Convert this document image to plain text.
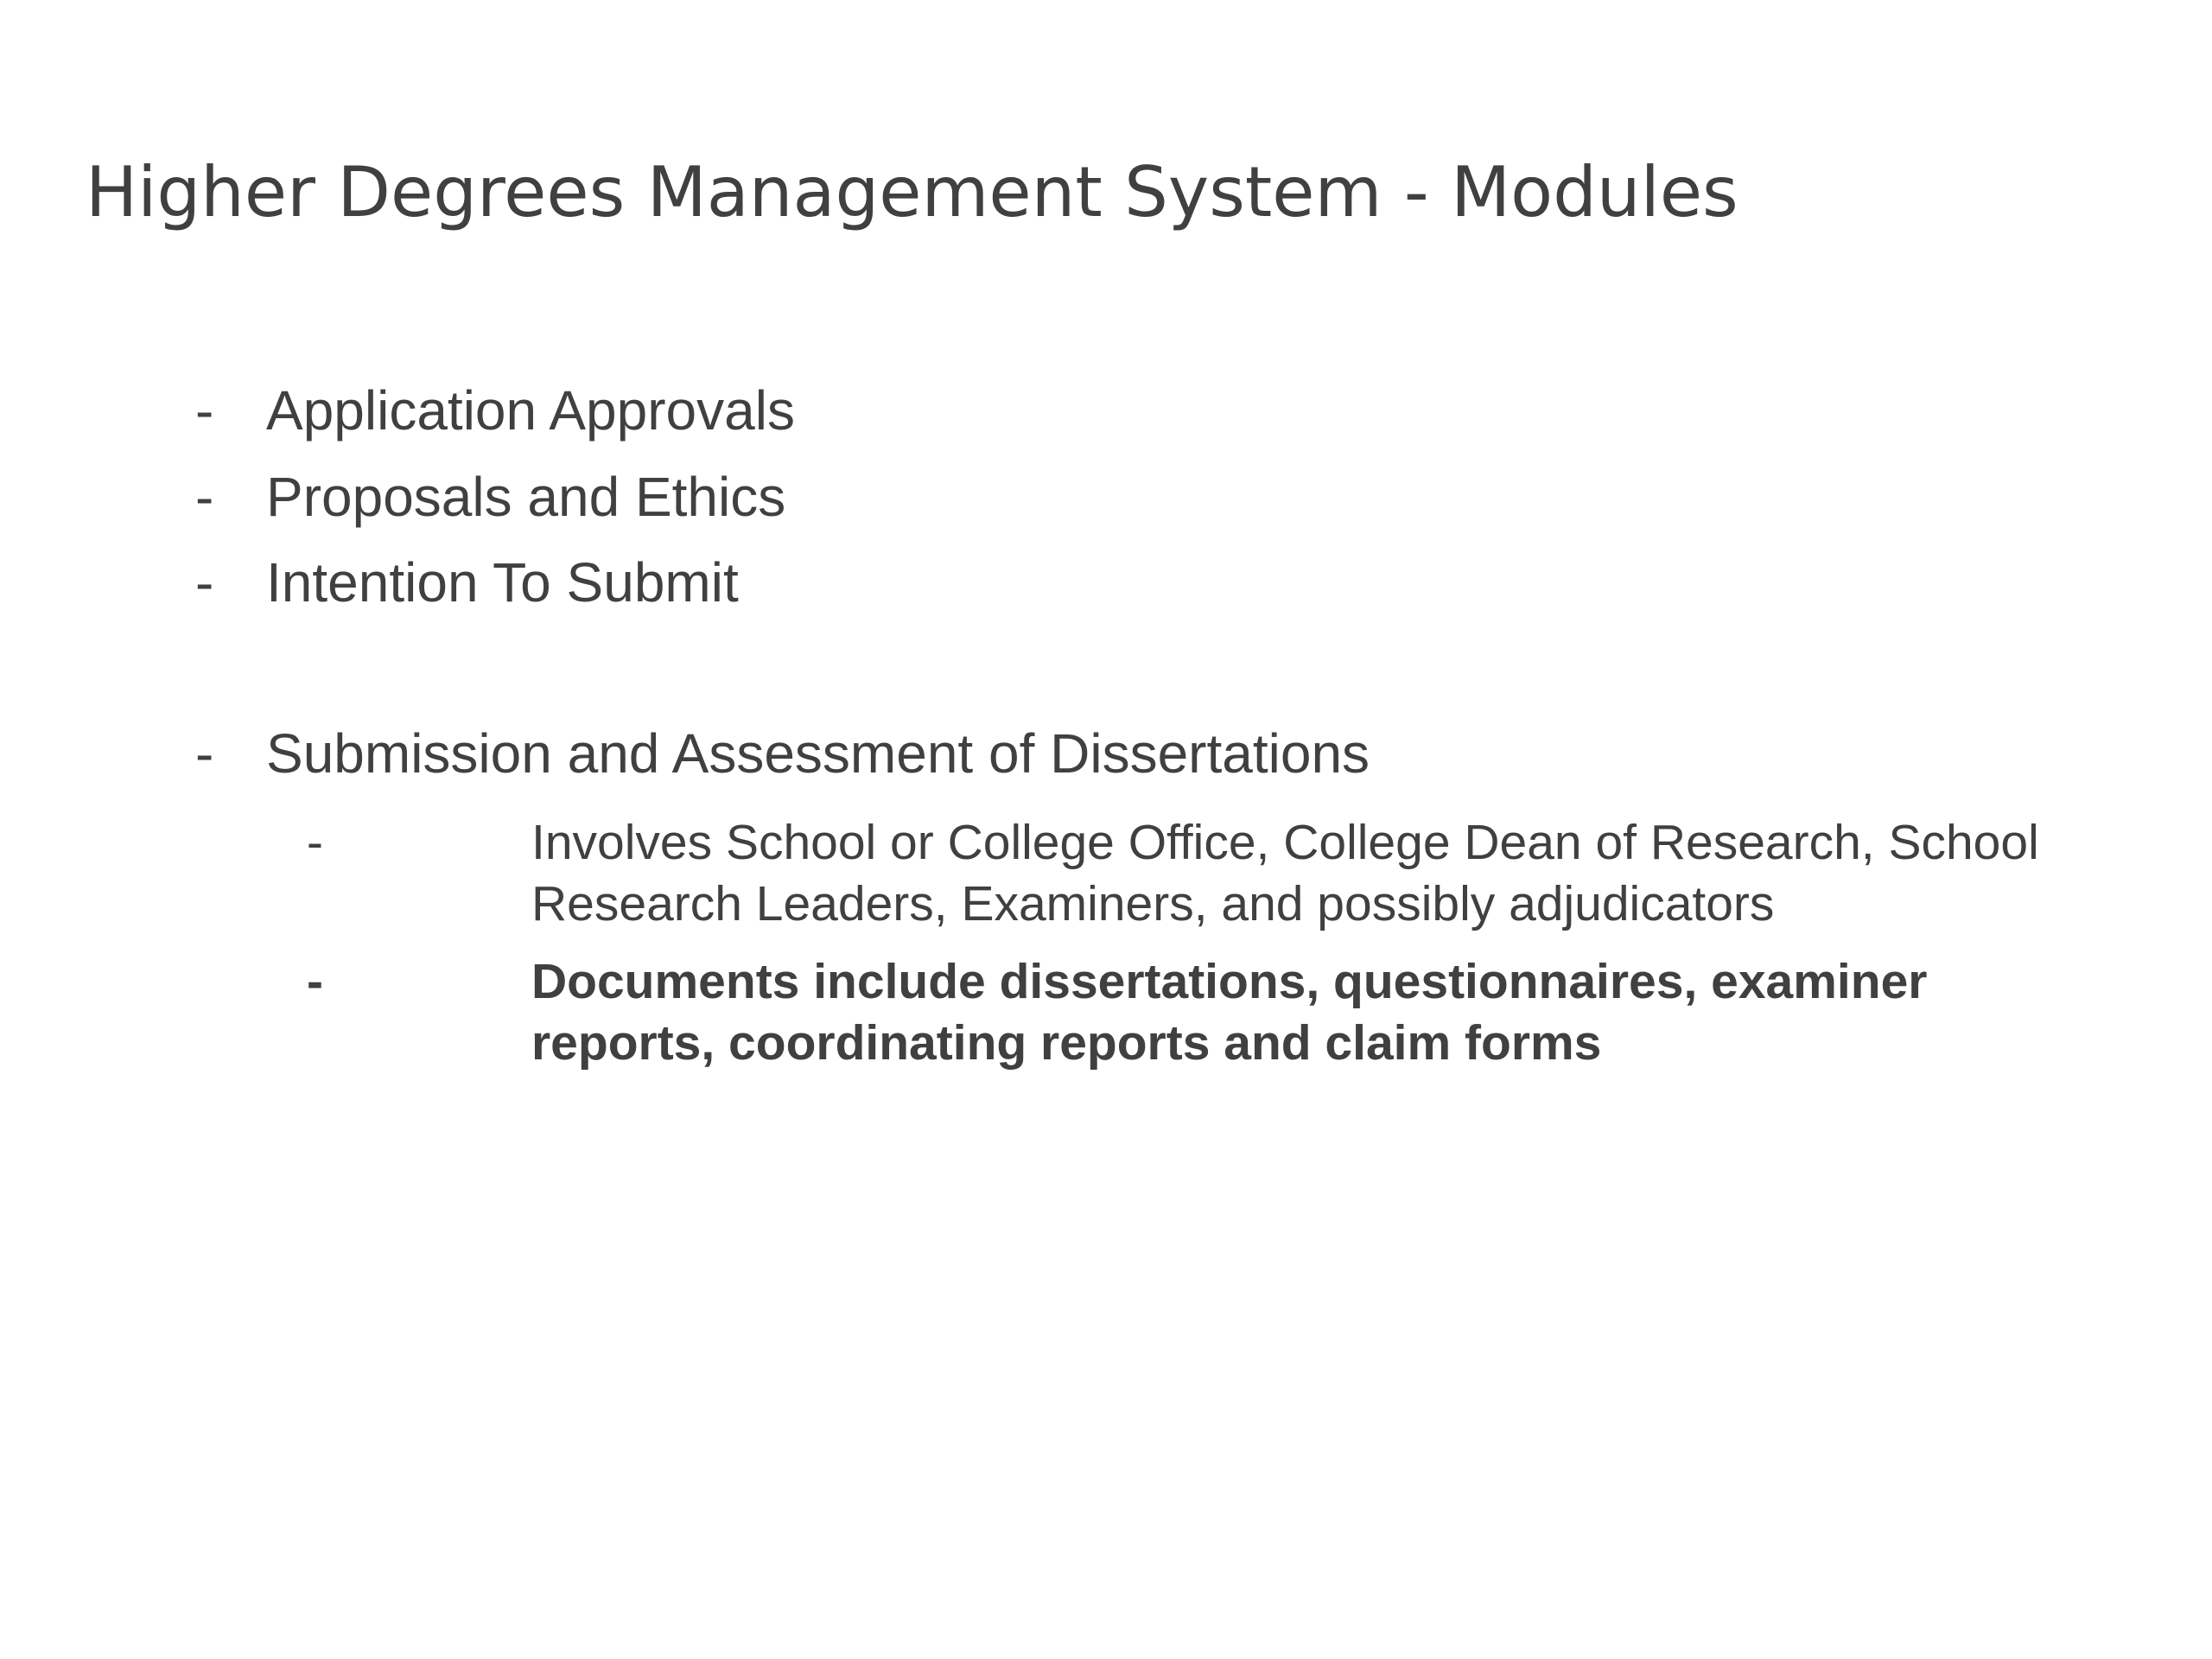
Higher Degrees Management System - Modules
- Application Approvals
- Proposals and Ethics
- Intention To Submit
- Submission and Assessment of Dissertations
-	Involves School or College Office, College Dean of Research, School Research Leaders, Examiners, and possibly adjudicators
-	Documents include dissertations, questionnaires, examiner reports, coordinating reports and claim forms
